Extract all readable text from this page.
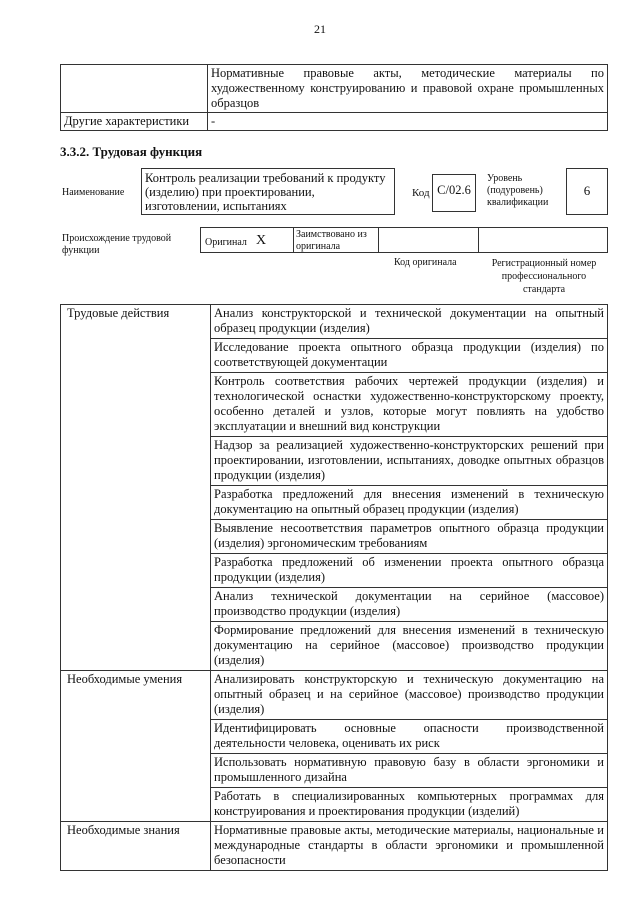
21
	Нормативные правовые акты, методические материалы по художественному конструированию и правовой охране промышленных образцов
Другие характеристики	-
3.3.2. Трудовая функция
Наименование
Контроль реализации требований к продукту (изделию) при проектировании, изготовлении, испытаниях
Код C/02.6
Уровень (подуровень) квалификации
6
Происхождение трудовой функции
Оригинал X	Заимствовано из оригинала
Код оригинала	Регистрационный номер профессионального стандарта
Трудовые действия	Анализ конструкторской и технической документации на опытный образец продукции (изделия)
	Исследование проекта опытного образца продукции (изделия) по соответствующей документации
	Контроль соответствия рабочих чертежей продукции (изделия) и технологической оснастки художественно-конструкторскому проекту, особенно деталей и узлов, которые могут повлиять на удобство эксплуатации и внешний вид конструкции
	Надзор за реализацией художественно-конструкторских решений при проектировании, изготовлении, испытаниях, доводке опытных образцов продукции (изделия)
	Разработка предложений для внесения изменений в техническую документацию на опытный образец продукции (изделия)
	Выявление несоответствия параметров опытного образца продукции (изделия) эргономическим требованиям
	Разработка предложений об изменении проекта опытного образца продукции (изделия)
	Анализ технической документации на серийное (массовое) производство продукции (изделия)
	Формирование предложений для внесения изменений в техническую документацию на серийное (массовое) производство продукции (изделия)
Необходимые умения	Анализировать конструкторскую и техническую документацию на опытный образец и на серийное (массовое) производство продукции (изделия)
	Идентифицировать основные опасности производственной деятельности человека, оценивать их риск
	Использовать нормативную правовую базу в области эргономики и промышленного дизайна
	Работать в специализированных компьютерных программах для конструирования и проектирования продукции (изделий)
Необходимые знания	Нормативные правовые акты, методические материалы, национальные и международные стандарты в области эргономики и промышленной безопасности
